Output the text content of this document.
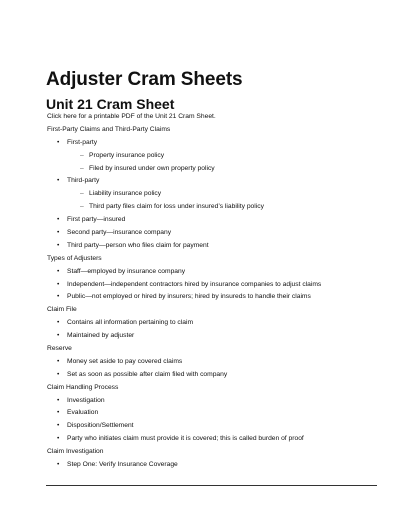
Adjuster Cram Sheets
Unit 21 Cram Sheet
Click here for a printable PDF of the Unit 21 Cram Sheet.
First-Party Claims and Third-Party Claims
• First-party
– Property insurance policy
– Filed by insured under own property policy
• Third-party
– Liability insurance policy
– Third party files claim for loss under insured’s liability policy
• First party—insured
• Second party—insurance company
• Third party—person who files claim for payment
Types of Adjusters
• Staff—employed by insurance company
• Independent—independent contractors hired by insurance companies to adjust claims
• Public—not employed or hired by insurers; hired by insureds to handle their claims
Claim File
• Contains all information pertaining to claim
• Maintained by adjuster
Reserve
• Money set aside to pay covered claims
• Set as soon as possible after claim filed with company
Claim Handling Process
• Investigation
• Evaluation
• Disposition/Settlement
• Party who initiates claim must provide it is covered; this is called burden of proof
Claim Investigation
• Step One: Verify Insurance Coverage
